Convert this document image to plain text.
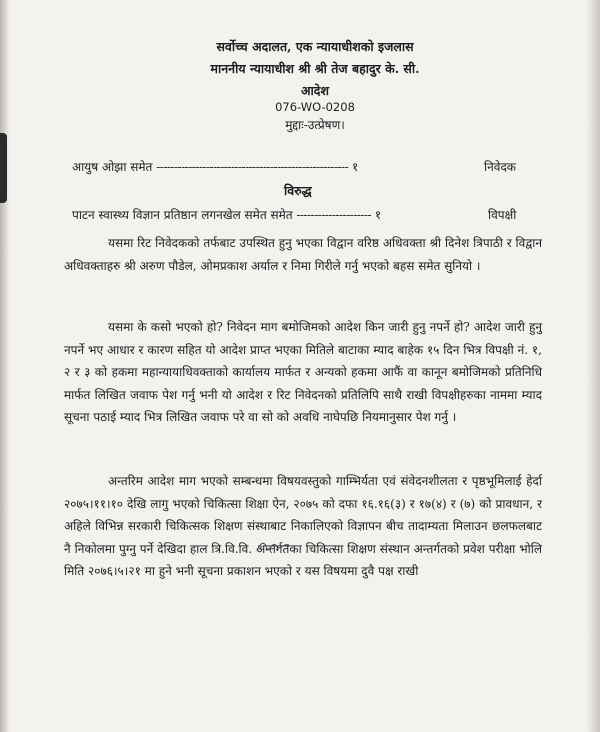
सर्वोच्च अदालत, एक न्यायाधीशको इजलास
माननीय न्यायाधीश श्री श्री तेज बहादुर के. सी.
आदेश
076-WO-0208
मुद्दाः-उत्प्रेषण।
आयुष ओझा समेत ------------------------------------------------------ १	निवेदक
विरुद्ध
पाटन स्वास्थ्य विज्ञान प्रतिष्ठान लगनखेल समेत समेत --------------------- १	विपक्षी
यसमा रिट निवेदकको तर्फबाट उपस्थित हुनु भएका विद्वान वरिष्ठ अधिवक्ता श्री दिनेश त्रिपाठी र विद्वान अधिवक्ताहरु श्री अरुण पौडेल, ओमप्रकाश अर्याल र निमा गिरीले गर्नु भएको बहस समेत सुनियो ।
यसमा के कसो भएको हो? निवेदन माग बमोजिमको आदेश किन जारी हुनु नपर्ने हो? आदेश जारी हुनु नपर्ने भए आधार र कारण सहित यो आदेश प्राप्त भएका मितिले बाटाका म्याद बाहेक १५ दिन भित्र विपक्षी नं. १, २ र ३ को हकमा महान्यायाधिवक्ताको कार्यालय मार्फत र अन्यको हकमा आफैं वा कानून बमोजिमको प्रतिनिधि मार्फत लिखित जवाफ पेश गर्नु भनी यो आदेश र रिट निवेदनको प्रतिलिपि साथै राखी विपक्षीहरुका नाममा म्याद सूचना पठाई म्याद भित्र लिखित जवाफ परे वा सो को अवधि नाघेपछि नियमानुसार पेश गर्नु ।
अन्तरिम आदेश माग भएको सम्बन्धमा विषयवस्तुको गाम्भिर्यता एवं संवेदनशीलता र पृष्ठभूमिलाई हेर्दा २०७५।११।१० देखि लागु भएको चिकित्सा शिक्षा ऐन, २०७५ को दफा १६.१६(३) र १७(४) र (७) को प्रावधान, र अहिले विभिन्न सरकारी चिकित्सक शिक्षण संस्थाबाट निकालिएको विज्ञापन बीच तादाम्यता मिलाउन छलफलबाट नै निकोलमा पुग्नु पर्ने देखिदा हाल त्रि.वि.वि. अन्तर्गतका चिकित्सा शिक्षण संस्थान अन्तर्गतको प्रवेश परीक्षा भोलि मिति २०७६।५।२१ मा हुने भनी सूचना प्रकाशन भएको र यस विषयमा दुवै पक्ष राखी
